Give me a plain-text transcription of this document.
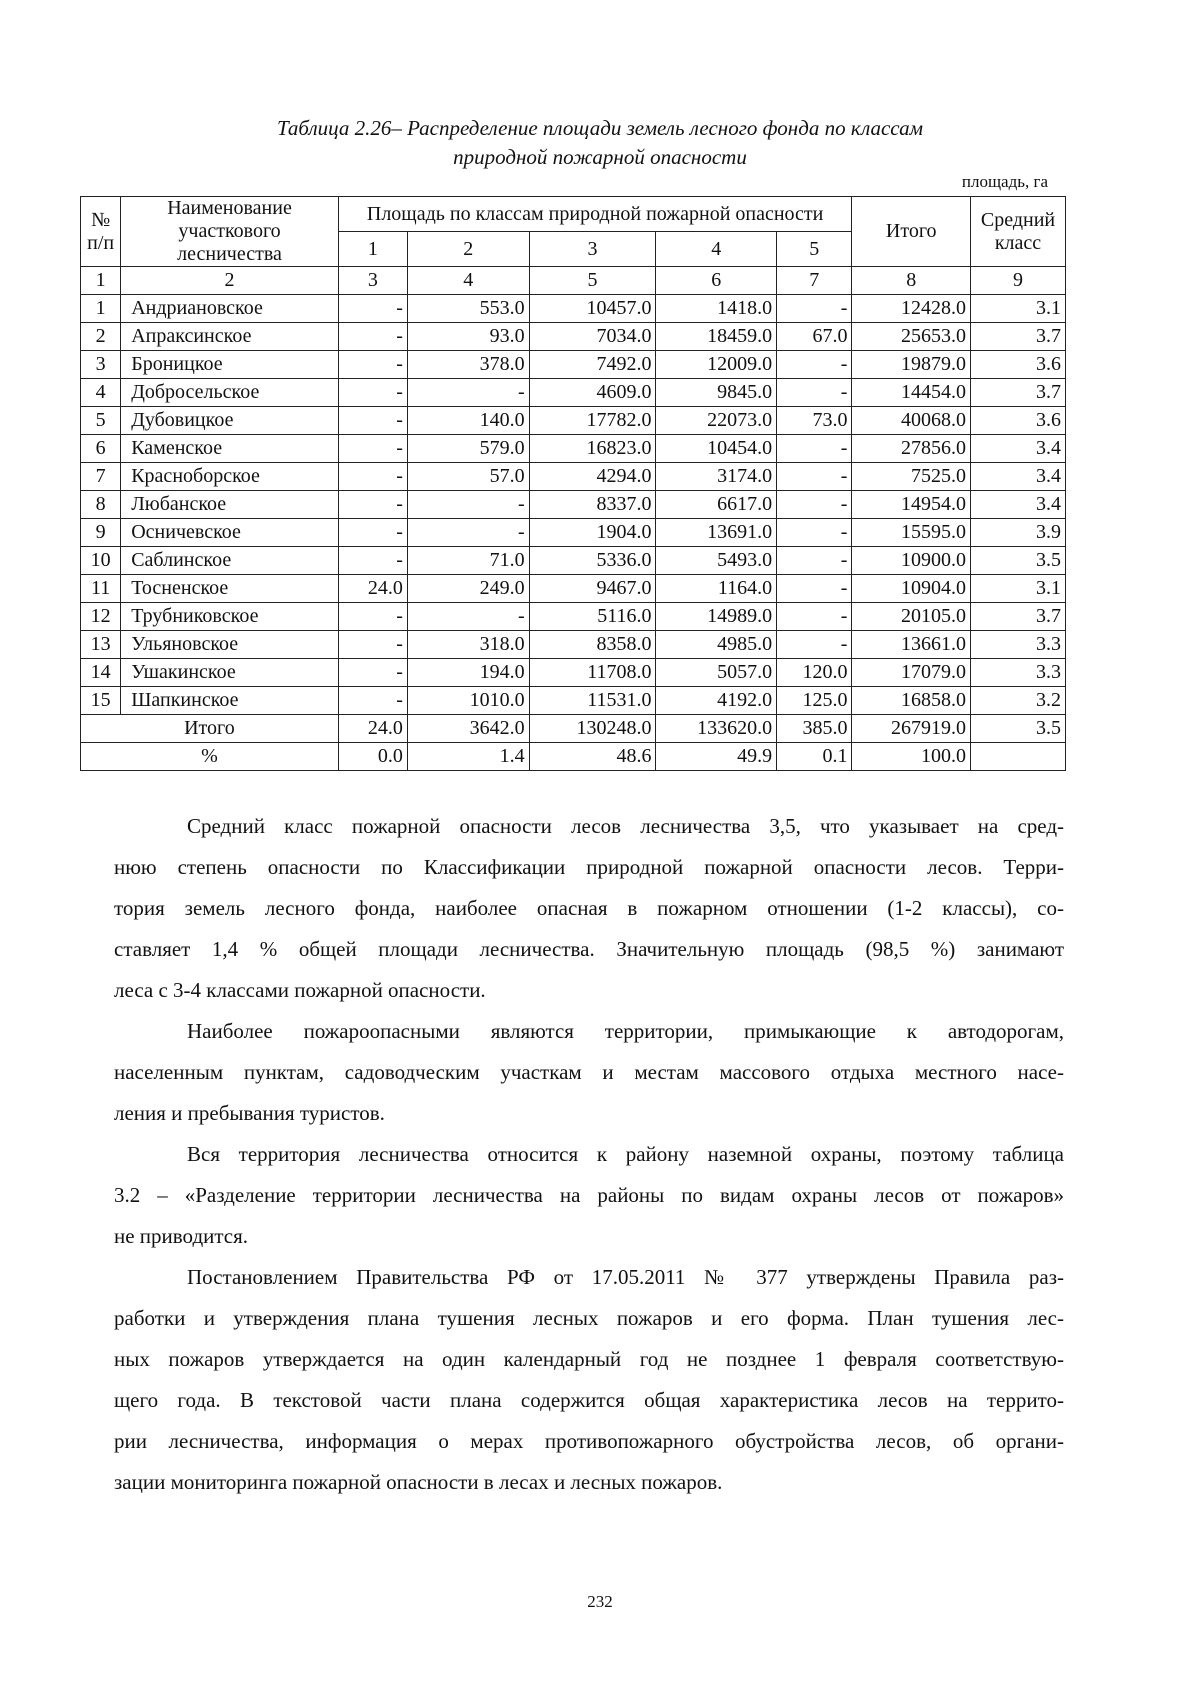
Таблица 2.26– Распределение площади земель лесного фонда по классам
природной пожарной опасности
площадь, га
№ п/п	Наименование участкового лесничества	Площадь по классам природной пожарной опасности					Итого	Средний класс
		1	2	3	4	5		
1	2	3	4	5	6	7	8	9
1	Андриановское	-	553.0	10457.0	1418.0	-	12428.0	3.1
2	Апраксинское	-	93.0	7034.0	18459.0	67.0	25653.0	3.7
3	Броницкое	-	378.0	7492.0	12009.0	-	19879.0	3.6
4	Добросельское	-	-	4609.0	9845.0	-	14454.0	3.7
5	Дубовицкое	-	140.0	17782.0	22073.0	73.0	40068.0	3.6
6	Каменское	-	579.0	16823.0	10454.0	-	27856.0	3.4
7	Красноборское	-	57.0	4294.0	3174.0	-	7525.0	3.4
8	Любанское	-	-	8337.0	6617.0	-	14954.0	3.4
9	Осничевское	-	-	1904.0	13691.0	-	15595.0	3.9
10	Саблинское	-	71.0	5336.0	5493.0	-	10900.0	3.5
11	Тосненское	24.0	249.0	9467.0	1164.0	-	10904.0	3.1
12	Трубниковское	-	-	5116.0	14989.0	-	20105.0	3.7
13	Ульяновское	-	318.0	8358.0	4985.0	-	13661.0	3.3
14	Ушакинское	-	194.0	11708.0	5057.0	120.0	17079.0	3.3
15	Шапкинское	-	1010.0	11531.0	4192.0	125.0	16858.0	3.2
Итого		24.0	3642.0	130248.0	133620.0	385.0	267919.0	3.5
%		0.0	1.4	48.6	49.9	0.1	100.0	
Средний класс пожарной опасности лесов лесничества 3,5, что указывает на сред-
нюю степень опасности по Классификации природной пожарной опасности лесов. Терри-
тория земель лесного фонда, наиболее опасная в пожарном отношении (1-2 классы), со-
ставляет 1,4 % общей площади лесничества. Значительную площадь (98,5 %) занимают
леса с 3-4 классами пожарной опасности.
Наиболее пожароопасными являются территории, примыкающие к автодорогам,
населенным пунктам, садоводческим участкам и местам массового отдыха местного насе-
ления и пребывания туристов.
Вся территория лесничества относится к району наземной охраны, поэтому таблица
3.2 – «Разделение территории лесничества на районы по видам охраны лесов от пожаров»
не приводится.
Постановлением Правительства РФ от 17.05.2011 № 377 утверждены Правила раз-
работки и утверждения плана тушения лесных пожаров и его форма. План тушения лес-
ных пожаров утверждается на один календарный год не позднее 1 февраля соответствую-
щего года. В текстовой части плана содержится общая характеристика лесов на террито-
рии лесничества, информация о мерах противопожарного обустройства лесов, об органи-
зации мониторинга пожарной опасности в лесах и лесных пожаров.
232
